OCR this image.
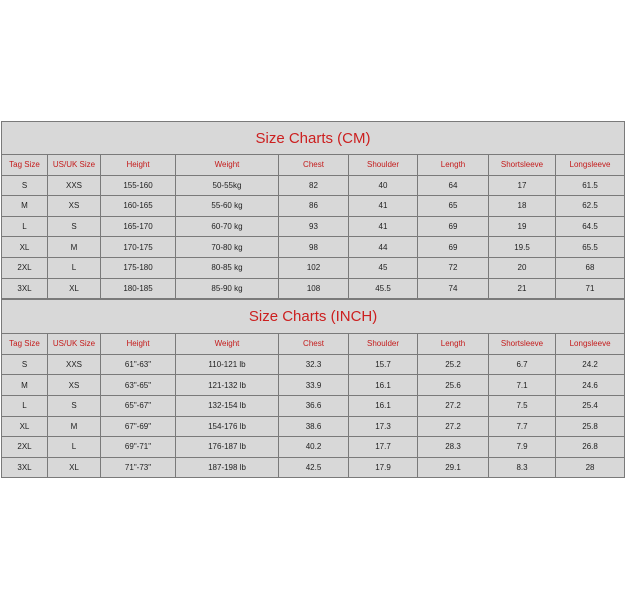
Size Charts (CM)								
Tag Size	US/UK Size	Height	Weight	Chest	Shoulder	Length	Shortsleeve	Longsleeve
S	XXS	155-160	50-55kg	82	40	64	17	61.5
M	XS	160-165	55-60 kg	86	41	65	18	62.5
L	S	165-170	60-70 kg	93	41	69	19	64.5
XL	M	170-175	70-80 kg	98	44	69	19.5	65.5
2XL	L	175-180	80-85 kg	102	45	72	20	68
3XL	XL	180-185	85-90 kg	108	45.5	74	21	71
Size Charts (INCH)								
Tag Size	US/UK Size	Height	Weight	Chest	Shoulder	Length	Shortsleeve	Longsleeve
S	XXS	61"-63"	110-121 lb	32.3	15.7	25.2	6.7	24.2
M	XS	63"-65"	121-132 lb	33.9	16.1	25.6	7.1	24.6
L	S	65"-67"	132-154 lb	36.6	16.1	27.2	7.5	25.4
XL	M	67"-69"	154-176 lb	38.6	17.3	27.2	7.7	25.8
2XL	L	69"-71"	176-187 lb	40.2	17.7	28.3	7.9	26.8
3XL	XL	71"-73"	187-198 lb	42.5	17.9	29.1	8.3	28
